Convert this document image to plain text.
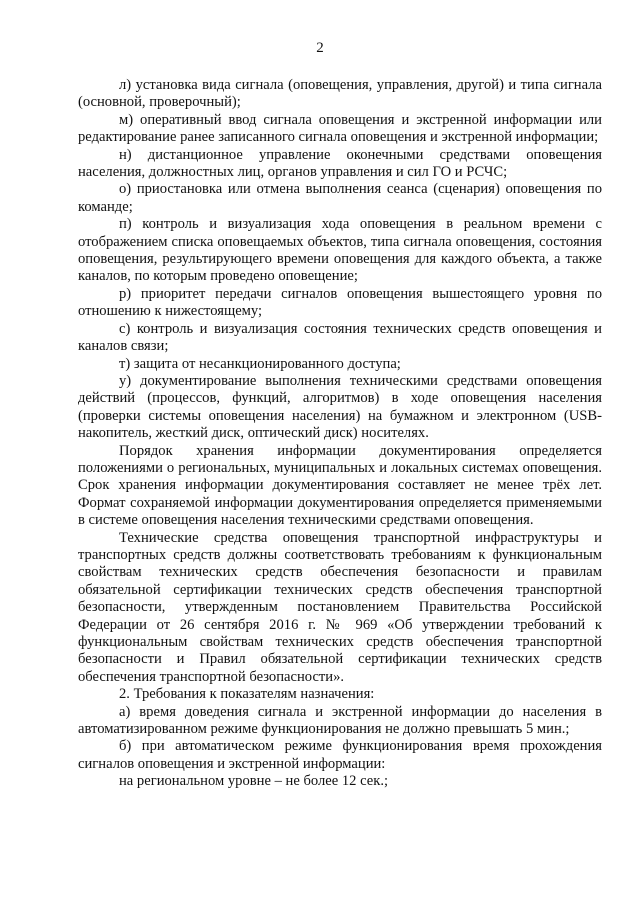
2

л) установка вида сигнала (оповещения, управления, другой) и типа сигнала (основной, проверочный);

м) оперативный ввод сигнала оповещения и экстренной информации или редактирование ранее записанного сигнала оповещения и экстренной информации;

н) дистанционное управление оконечными средствами оповещения населения, должностных лиц, органов управления и сил ГО и РСЧС;

о) приостановка или отмена выполнения сеанса (сценария) оповещения по команде;

п) контроль и визуализация хода оповещения в реальном времени с отображением списка оповещаемых объектов, типа сигнала оповещения, состояния оповещения, результирующего времени оповещения для каждого объекта, а также каналов, по которым проведено оповещение;

р) приоритет передачи сигналов оповещения вышестоящего уровня по отношению к нижестоящему;

с) контроль и визуализация состояния технических средств оповещения и каналов связи;

т) защита от несанкционированного доступа;

у) документирование выполнения техническими средствами оповещения действий (процессов, функций, алгоритмов) в ходе оповещения населения (проверки системы оповещения населения) на бумажном и электронном (USB-накопитель, жесткий диск, оптический диск) носителях.

Порядок хранения информации документирования определяется положениями о региональных, муниципальных и локальных системах оповещения. Срок хранения информации документирования составляет не менее трёх лет. Формат сохраняемой информации документирования определяется применяемыми в системе оповещения населения техническими средствами оповещения.

Технические средства оповещения транспортной инфраструктуры и транспортных средств должны соответствовать требованиям к функциональным свойствам технических средств обеспечения безопасности и правилам обязательной сертификации технических средств обеспечения транспортной безопасности, утвержденным постановлением Правительства Российской Федерации от 26 сентября 2016 г. № 969 «Об утверждении требований к функциональным свойствам технических средств обеспечения транспортной безопасности и Правил обязательной сертификации технических средств обеспечения транспортной безопасности».

2. Требования к показателям назначения:

а) время доведения сигнала и экстренной информации до населения в автоматизированном режиме функционирования не должно превышать 5 мин.;

б) при автоматическом режиме функционирования время прохождения сигналов оповещения и экстренной информации:

на региональном уровне – не более 12 сек.;
